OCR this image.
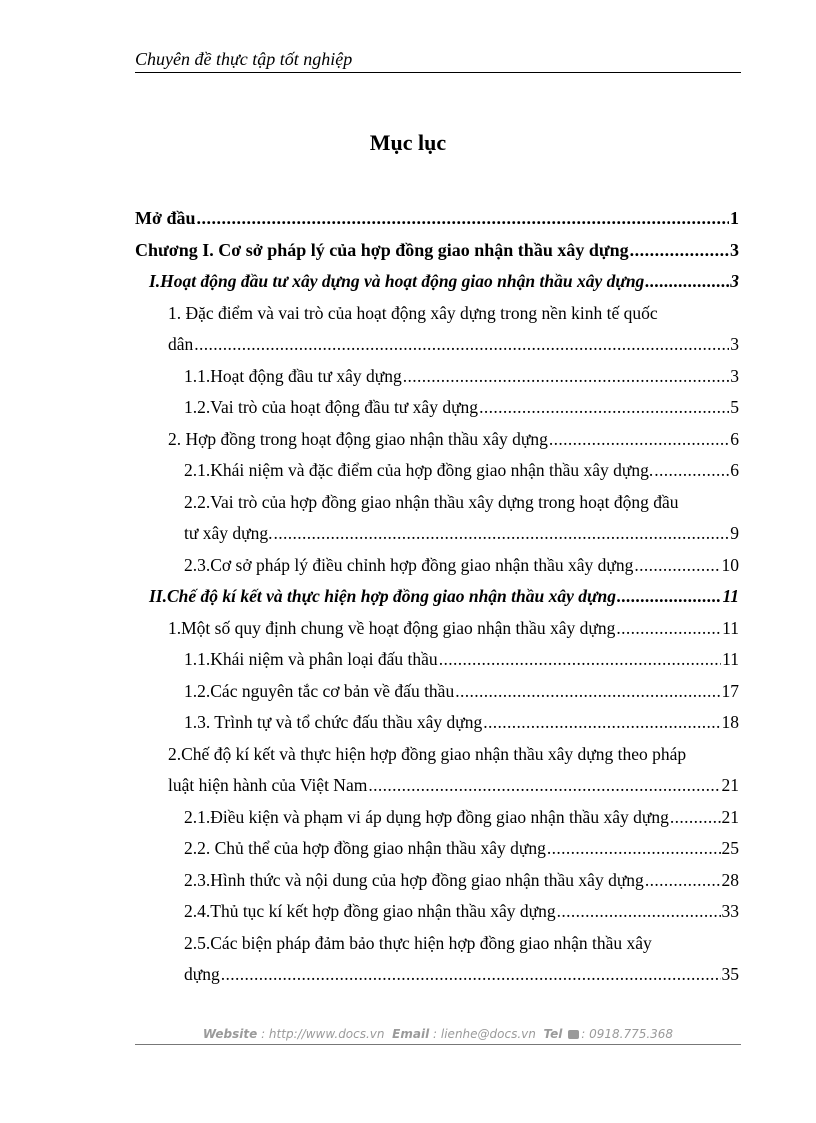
Chuyên đề thực tập tốt nghiệp
Mục lục
Mở đầu . . .	1
Chương I. Cơ sở pháp lý của hợp đồng giao nhận thầu xây dựng . . .	3
I.Hoạt động đầu tư xây dựng và hoạt động giao nhận thầu xây dựng . . .	3
1. Đặc điểm và vai trò của hoạt động xây dựng trong nền kinh tế quốc
dân . . .	3
1.1.Hoạt động đầu tư xây dựng . . .	3
1.2.Vai trò của hoạt động đầu tư xây dựng . . .	5
2. Hợp đồng trong hoạt động giao nhận thầu xây dựng . . .	6
2.1.Khái niệm và đặc điểm của hợp đồng giao nhận thầu xây dựng. . . .	6
2.2.Vai trò của hợp đồng giao nhận thầu xây dựng trong hoạt động đầu
tư xây dựng. . . .	9
2.3.Cơ sở pháp lý điều chỉnh hợp đồng giao nhận thầu xây dựng . . .	10
II.Chế độ kí kết và thực hiện hợp đồng giao nhận thầu xây dựng . . .	11
1.Một số quy định chung về hoạt động giao nhận thầu xây dựng . . .	11
1.1.Khái niệm và phân loại đấu thầu . . .	11
1.2.Các nguyên tắc cơ bản về đấu thầu . . .	17
1.3. Trình tự và tổ chức đấu thầu xây dựng . . .	18
2.Chế độ kí kết và thực hiện hợp đồng giao nhận thầu xây dựng theo pháp
luật hiện hành của Việt Nam . . .	21
2.1.Điều kiện và phạm vi áp dụng hợp đồng giao nhận thầu xây dựng . . .	21
2.2. Chủ thể của hợp đồng giao nhận thầu xây dựng . . .	25
2.3.Hình thức và nội dung của hợp đồng giao nhận thầu xây dựng . . .	28
2.4.Thủ tục kí kết hợp đồng giao nhận thầu xây dựng . . .	33
2.5.Các biện pháp đảm bảo thực hiện hợp đồng giao nhận thầu xây
dựng . . .	35
Website : http://www.docs.vn Email : lienhe@docs.vn Tel : 0918.775.368
